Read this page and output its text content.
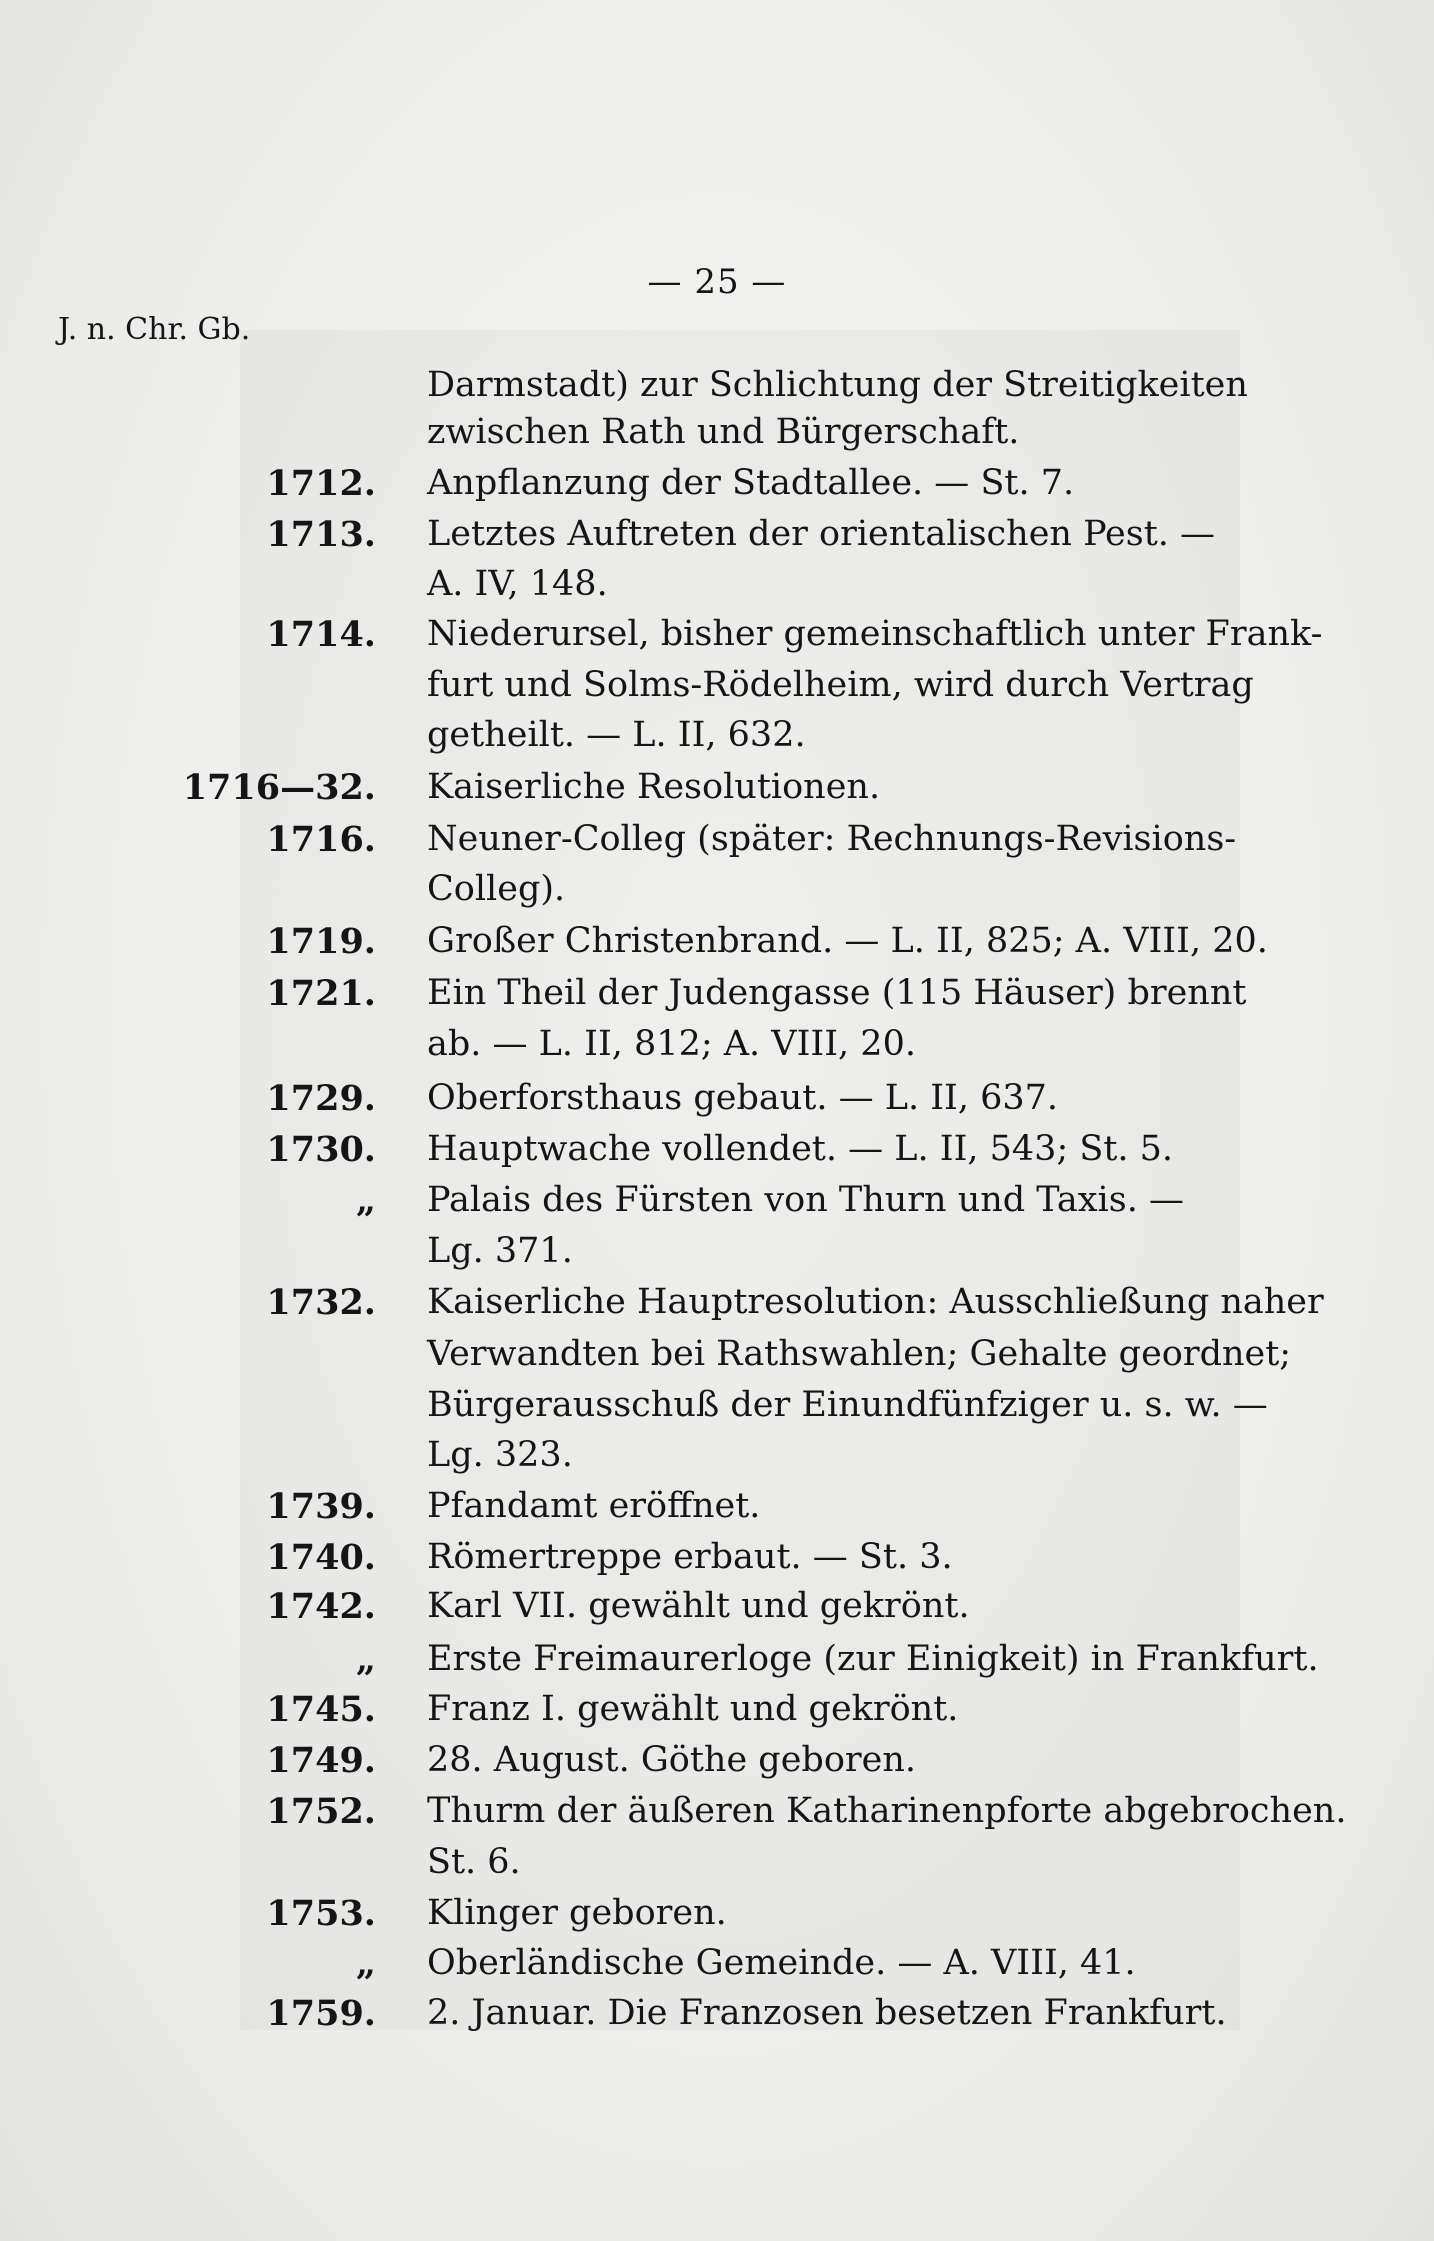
— 25 —
J. n. Chr. Gb.
Darmstadt) zur Schlichtung der Streitigkeiten
zwischen Rath und Bürgerschaft.
1712. Anpflanzung der Stadtallee. — St. 7.
1713. Letztes Auftreten der orientalischen Pest. —
A. IV, 148.
1714. Niederursel, bisher gemeinschaftlich unter Frank-
furt und Solms-Rödelheim, wird durch Vertrag
getheilt. — L. II, 632.
1716—32. Kaiserliche Resolutionen.
1716. Neuner-Colleg (später: Rechnungs-Revisions-
Colleg).
1719. Großer Christenbrand. — L. II, 825; A. VIII, 20.
1721. Ein Theil der Judengasse (115 Häuser) brennt
ab. — L. II, 812; A. VIII, 20.
1729. Oberforsthaus gebaut. — L. II, 637.
1730. Hauptwache vollendet. — L. II, 543; St. 5.
„ Palais des Fürsten von Thurn und Taxis. —
Lg. 371.
1732. Kaiserliche Hauptresolution: Ausschließung naher
Verwandten bei Rathswahlen; Gehalte geordnet;
Bürgerausschuß der Einundfünfziger u. s. w. —
Lg. 323.
1739. Pfandamt eröffnet.
1740. Römertreppe erbaut. — St. 3.
1742. Karl VII. gewählt und gekrönt.
„ Erste Freimaurerloge (zur Einigkeit) in Frankfurt.
1745. Franz I. gewählt und gekrönt.
1749. 28. August. Göthe geboren.
1752. Thurm der äußeren Katharinenpforte abgebrochen.
St. 6.
1753. Klinger geboren.
„ Oberländische Gemeinde. — A. VIII, 41.
1759. 2. Januar. Die Franzosen besetzen Frankfurt.
